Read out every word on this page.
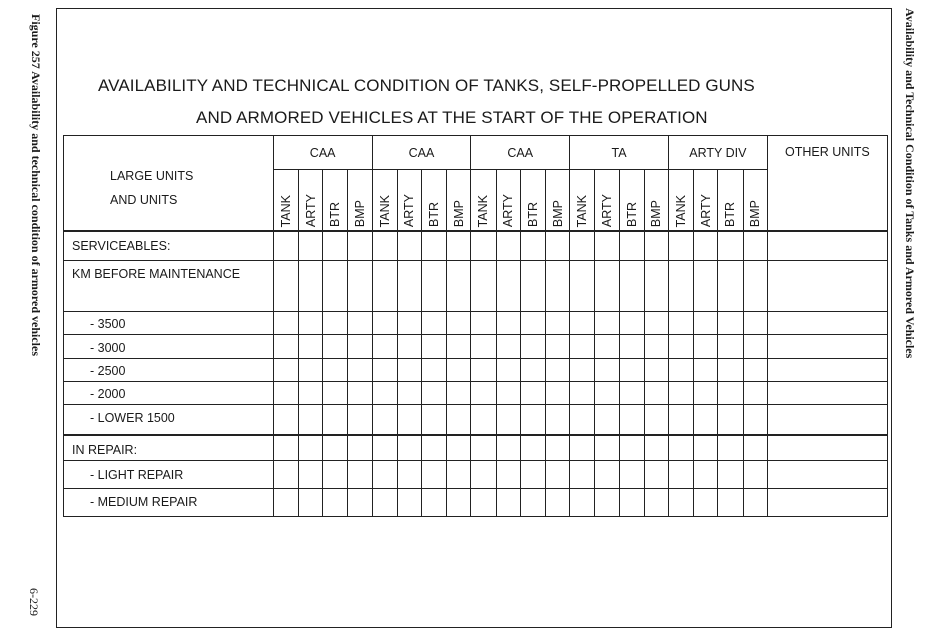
Figure 257 Availability and technical condition of armored vehicles	Availability and Technical Condition of Tanks and Armored Vehicles
6-229
AVAILABILITY AND TECHNICAL CONDITION OF TANKS, SELF-PROPELLED GUNS
AND ARMORED VEHICLES AT THE START OF THE OPERATION
LARGE UNITS
AND UNITS	CAA				CAA				CAA				TA				ARTY DIV				OTHER UNITS
	TANK	ARTY	BTR	BMP	TANK	ARTY	BTR	BMP	TANK	ARTY	BTR	BMP	TANK	ARTY	BTR	BMP	TANK	ARTY	BTR	BMP	
SERVICEABLES:																					
KM BEFORE MAINTENANCE																					
- 3500																					
- 3000																					
- 2500																					
- 2000																					
- LOWER 1500																					
IN REPAIR:																					
- LIGHT REPAIR																					
- MEDIUM REPAIR																					
